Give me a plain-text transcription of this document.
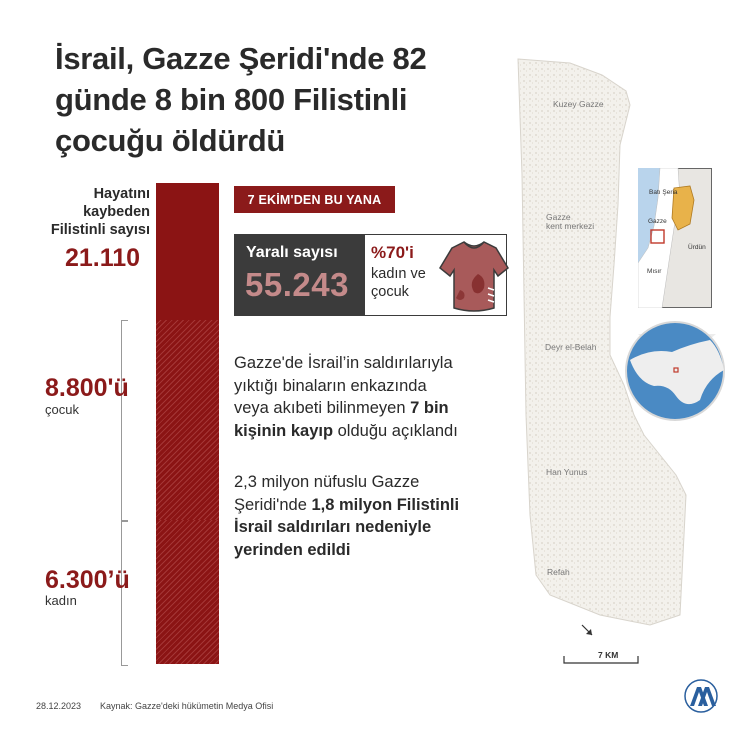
İsrail, Gazze Şeridi'nde 82
günde 8 bin 800 Filistinli
çocuğu öldürdü
Hayatını
kaybeden
Filistinli sayısı
21.110
8.800'ü
çocuk
6.300’ü
kadın
7 EKİM'DEN BU YANA
Yaralı sayısı
55.243
%70'i
kadın ve
çocuk
Gazze'de İsrail’in saldırılarıyla
yıktığı binaların enkazında
veya akıbeti bilinmeyen 7 bin
kişinin kayıp olduğu açıklandı
2,3 milyon nüfuslu Gazze
Şeridi'nde 1,8 milyon Filistinli
İsrail saldırıları nedeniyle
yerinden edildi
Kuzey Gazze
Gazze
kent merkezi
Deyr el-Belah
Han Yunus
Refah
7 KM
Batı Şeria
Gazze
Ürdün
Mısır
28.12.2023 Kaynak: Gazze'deki hükümetin Medya Ofisi
